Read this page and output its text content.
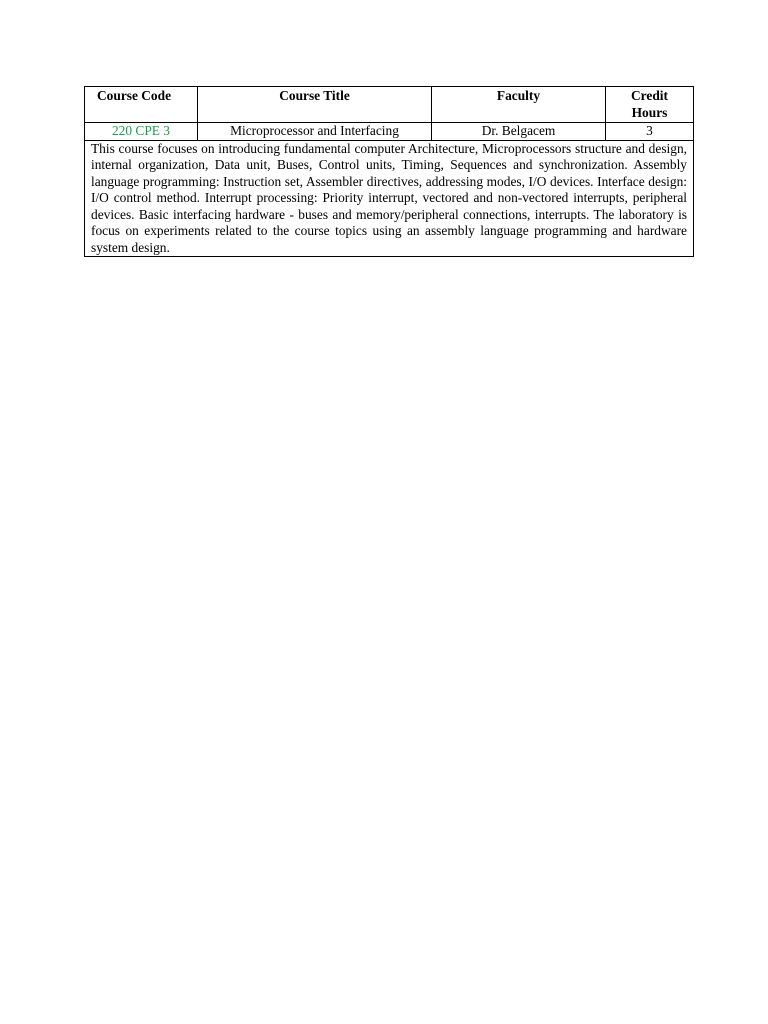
Course Code	Course Title	Faculty	Credit
Hours
220 CPE 3	Microprocessor and Interfacing	Dr. Belgacem	3
This course focuses on introducing fundamental computer Architecture, Microprocessors structure and design, internal organization, Data unit, Buses, Control units, Timing, Sequences and synchronization. Assembly language programming: Instruction set, Assembler directives, addressing modes, I/O devices. Interface design: I/O control method. Interrupt processing: Priority interrupt, vectored and non-vectored interrupts, peripheral devices. Basic interfacing hardware - buses and memory/peripheral connections, interrupts. The laboratory is focus on experiments related to the course topics using an assembly language programming and hardware system design.			
